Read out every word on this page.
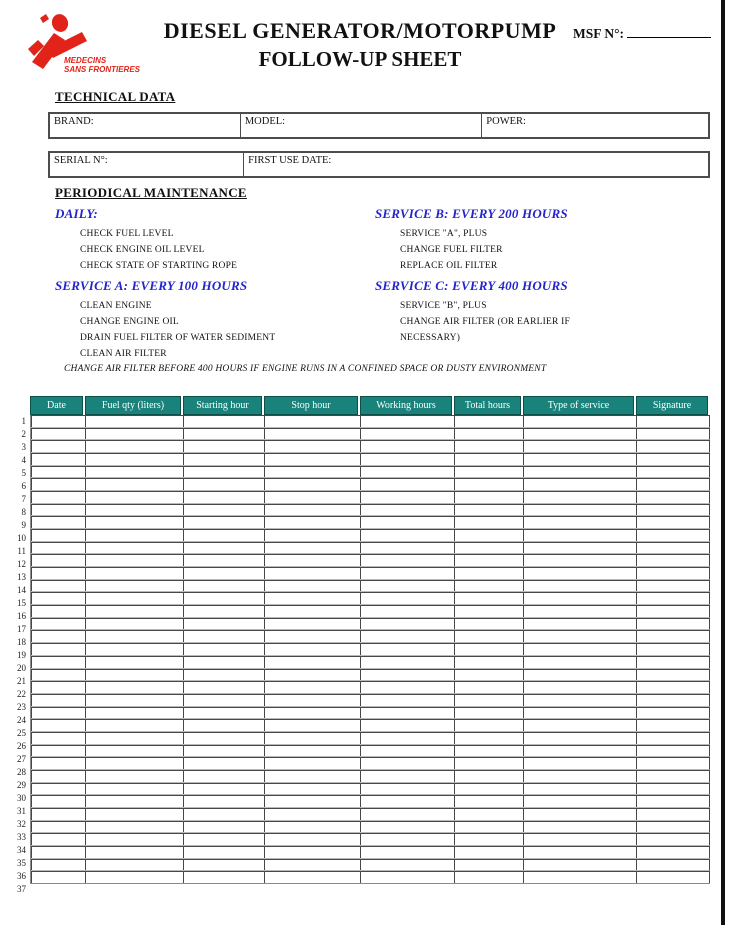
MEDECINS
SANS FRONTIERES
DIESEL GENERATOR/MOTORPUMP
FOLLOW-UP SHEET
MSF N°:
TECHNICAL DATA
BRAND:	MODEL:	POWER:
SERIAL N°:	FIRST USE DATE:
PERIODICAL MAINTENANCE
DAILY:
CHECK FUEL LEVEL
CHECK ENGINE OIL LEVEL
CHECK STATE OF STARTING ROPE
SERVICE B: EVERY 200 HOURS
SERVICE "A", PLUS
CHANGE FUEL FILTER
REPLACE OIL FILTER
SERVICE A: EVERY 100 HOURS
CLEAN ENGINE
CHANGE ENGINE OIL
DRAIN FUEL FILTER OF WATER SEDIMENT
CLEAN AIR FILTER
SERVICE C: EVERY 400 HOURS
SERVICE "B", PLUS
CHANGE AIR FILTER (OR EARLIER IF
NECESSARY)
CHANGE AIR FILTER BEFORE 400 HOURS IF ENGINE RUNS IN A CONFINED SPACE OR DUSTY ENVIRONMENT
Date	Fuel qty (liters)	Starting hour	Stop hour	Working hours	Total hours	Type of service	Signature
1
2
3
4
5
6
7
8
9
10
11
12
13
14
15
16
17
18
19
20
21
22
23
24
25
26
27
28
29
30
31
32
33
34
35
36
37
